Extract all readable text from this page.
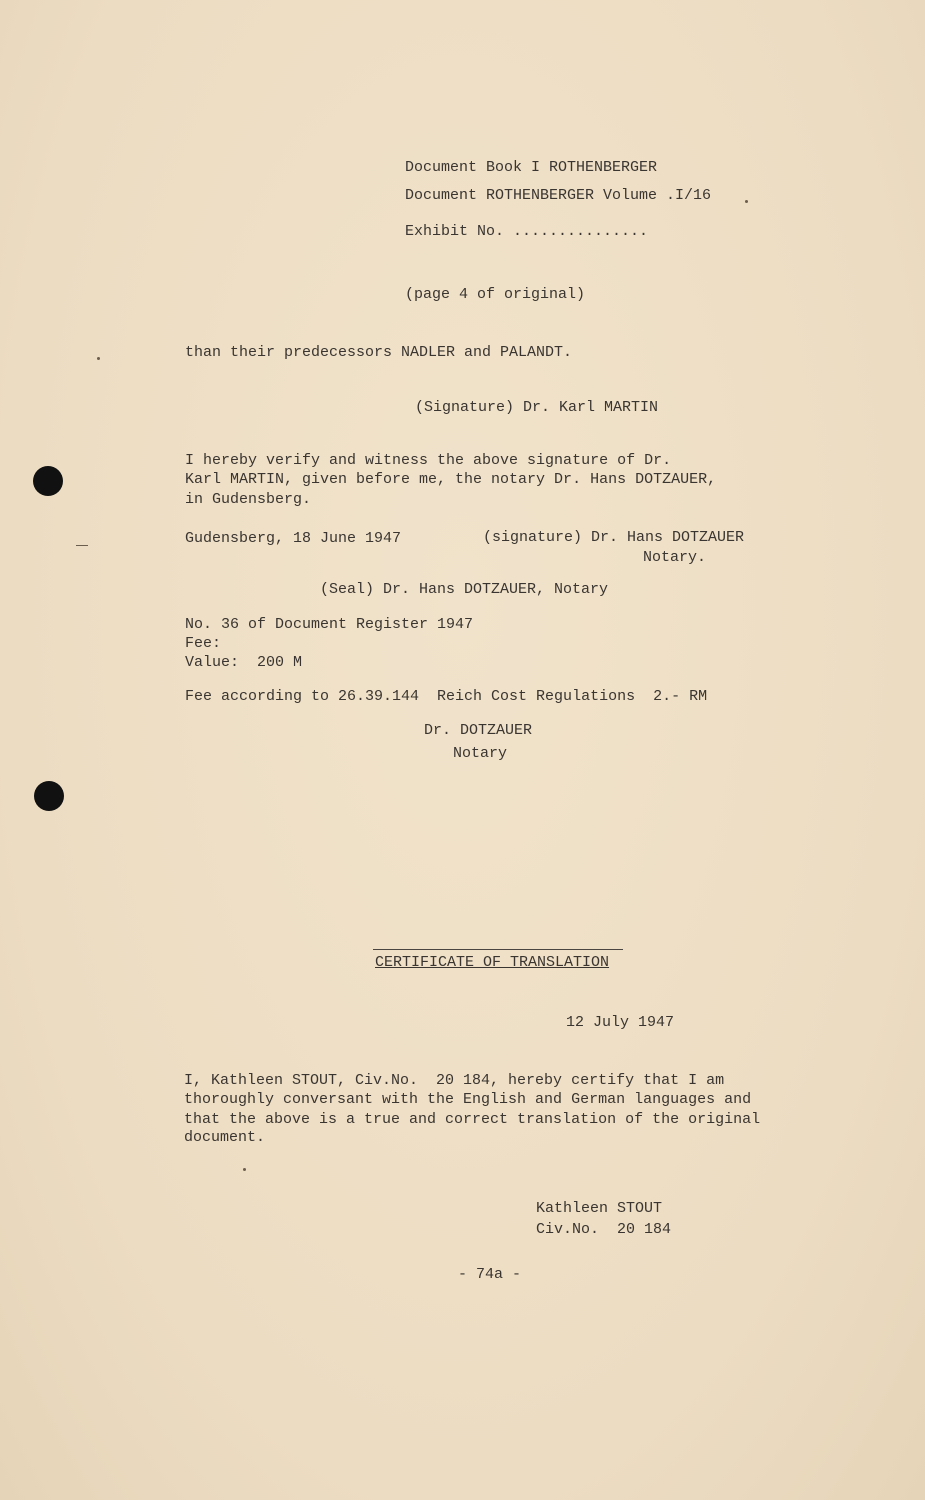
Document Book I ROTHENBERGER
Document ROTHENBERGER Volume .I/16
Exhibit No. ...............
(page 4 of original)
than their predecessors NADLER and PALANDT.
(Signature) Dr. Karl MARTIN
I hereby verify and witness the above signature of Dr.
Karl MARTIN, given before me, the notary Dr. Hans DOTZAUER,
in Gudensberg.
Gudensberg, 18 June 1947	(signature) Dr. Hans DOTZAUER
Notary.
(Seal) Dr. Hans DOTZAUER, Notary
No. 36 of Document Register 1947
Fee:
Value:  200 M
Fee according to 26.39.144  Reich Cost Regulations  2.- RM
Dr. DOTZAUER
Notary
CERTIFICATE OF TRANSLATION
12 July 1947
I, Kathleen STOUT, Civ.No.  20 184, hereby certify that I am
thoroughly conversant with the English and German languages and
that the above is a true and correct translation of the original
document.
Kathleen STOUT
Civ.No.  20 184
- 74a -
